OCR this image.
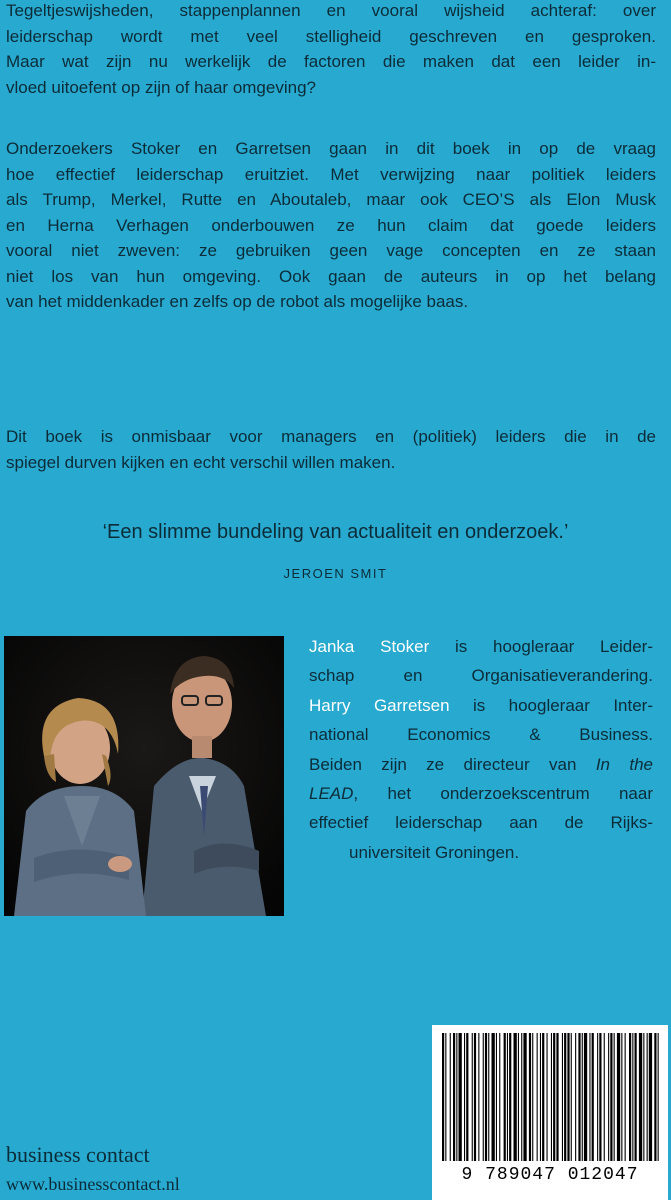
Tegeltjeswijsheden, stappenplannen en vooral wijsheid achteraf: over
leiderschap wordt met veel stelligheid geschreven en gesproken.
Maar wat zijn nu werkelijk de factoren die maken dat een leider in-
vloed uitoefent op zijn of haar omgeving?
Onderzoekers Stoker en Garretsen gaan in dit boek in op de vraag
hoe effectief leiderschap eruitziet. Met verwijzing naar politiek leiders
als Trump, Merkel, Rutte en Aboutaleb, maar ook CEO’S als Elon Musk
en Herna Verhagen onderbouwen ze hun claim dat goede leiders
vooral niet zweven: ze gebruiken geen vage concepten en ze staan
niet los van hun omgeving. Ook gaan de auteurs in op het belang
van het middenkader en zelfs op de robot als mogelijke baas.
Dit boek is onmisbaar voor managers en (politiek) leiders die in de
spiegel durven kijken en echt verschil willen maken.
‘Een slimme bundeling van actualiteit en onderzoek.’
JEROEN SMIT
Janka Stoker is hoogleraar Leider-
schap en Organisatieverandering.
Harry Garretsen is hoogleraar Inter-
national Economics & Business.
Beiden zijn ze directeur van In the
LEAD, het onderzoekscentrum naar
effectief leiderschap aan de Rijks-
universiteit Groningen.
business contact
www.businesscontact.nl	9 789047 012047
